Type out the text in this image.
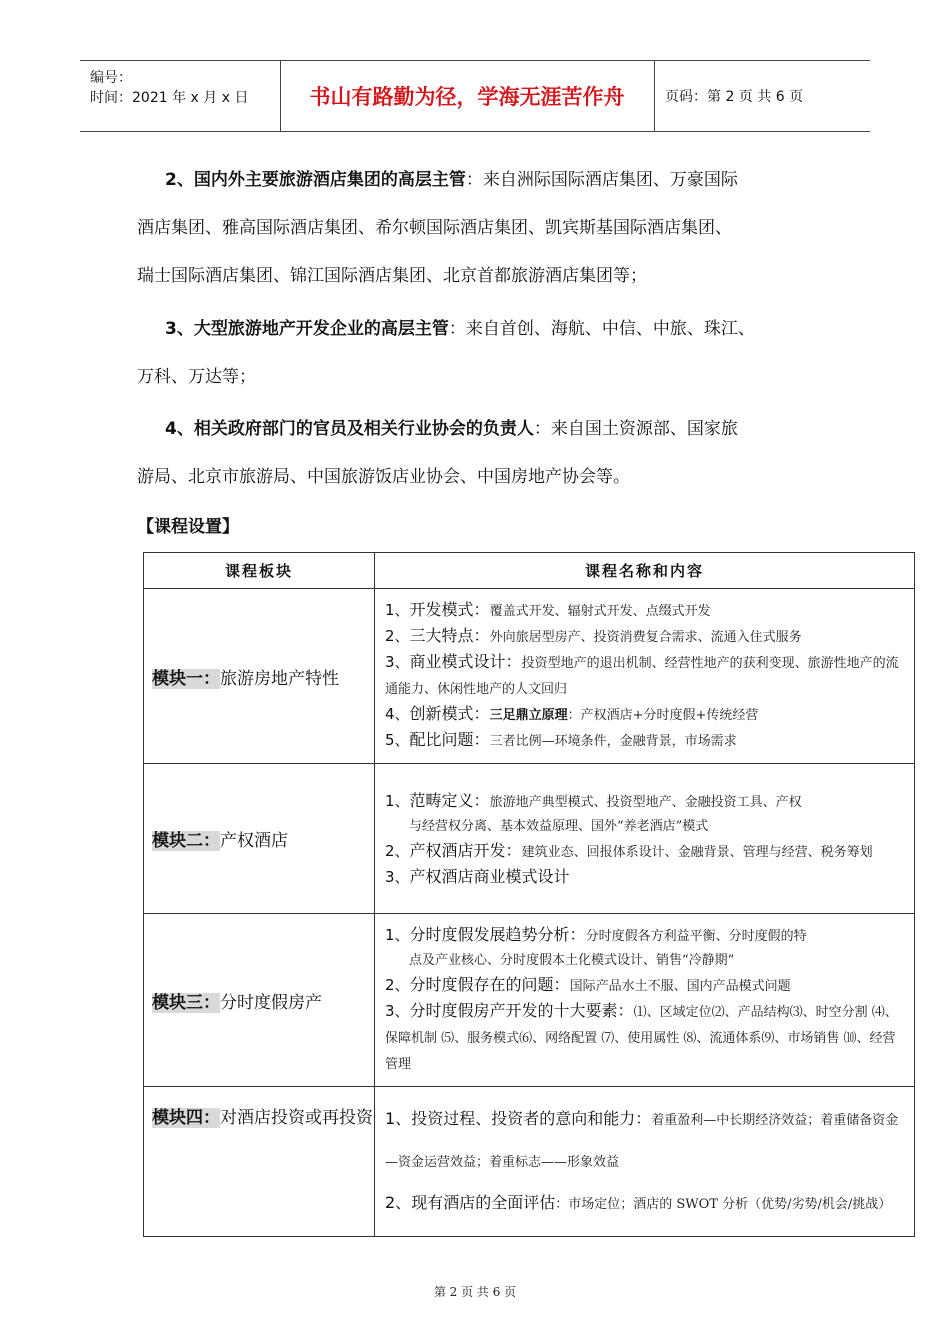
编号：
时间：2021 年 x 月 x 日	书山有路勤为径，学海无涯苦作舟	页码：第 2 页 共 6 页
2、国内外主要旅游酒店集团的高层主管：来自洲际国际酒店集团、万豪国际
酒店集团、雅高国际酒店集团、希尔顿国际酒店集团、凯宾斯基国际酒店集团、
瑞士国际酒店集团、锦江国际酒店集团、北京首都旅游酒店集团等；
3、大型旅游地产开发企业的高层主管：来自首创、海航、中信、中旅、珠江、
万科、万达等；
4、相关政府部门的官员及相关行业协会的负责人：来自国土资源部、国家旅
游局、北京市旅游局、中国旅游饭店业协会、中国房地产协会等。
【课程设置】
课程板块	课程名称和内容
模块一：旅游房地产特性	1、开发模式：覆盖式开发、辐射式开发、点缀式开发
2、三大特点：外向旅居型房产、投资消费复合需求、流通入住式服务
3、商业模式设计：投资型地产的退出机制、经营性地产的获利变现、旅游性地产的流通能力、休闲性地产的人文回归
4、创新模式：三足鼎立原理：产权酒店+分时度假+传统经营
5、配比问题：三者比例—环境条件，金融背景，市场需求

模块二：产权酒店	1、范畴定义：旅游地产典型模式、投资型地产、金融投资工具、产权
与经营权分离、基本效益原理、国外“养老酒店”模式
2、产权酒店开发：建筑业态、回报体系设计、金融背景、管理与经营、税务筹划
3、产权酒店商业模式设计

模块三：分时度假房产	1、分时度假发展趋势分析：分时度假各方利益平衡、分时度假的特
点及产业核心、分时度假本土化模式设计、销售“冷静期”
2、分时度假存在的问题：国际产品水土不服、国内产品模式问题
3、分时度假房产开发的十大要素：⑴、区域定位⑵、产品结构⑶、时空分割 ⑷、保障机制 ⑸、服务模式⑹、网络配置 ⑺、使用属性 ⑻、流通体系⑼、市场销售 ⑽、经营管理

模块四：对酒店投资或再投资	1、投资过程、投资者的意向和能力：着重盈利—中长期经济效益；着重储备资金—资金运营效益；着重标志——形象效益
2、现有酒店的全面评估：市场定位；酒店的 SWOT 分析（优势/劣势/机会/挑战）
第 2 页 共 6 页
